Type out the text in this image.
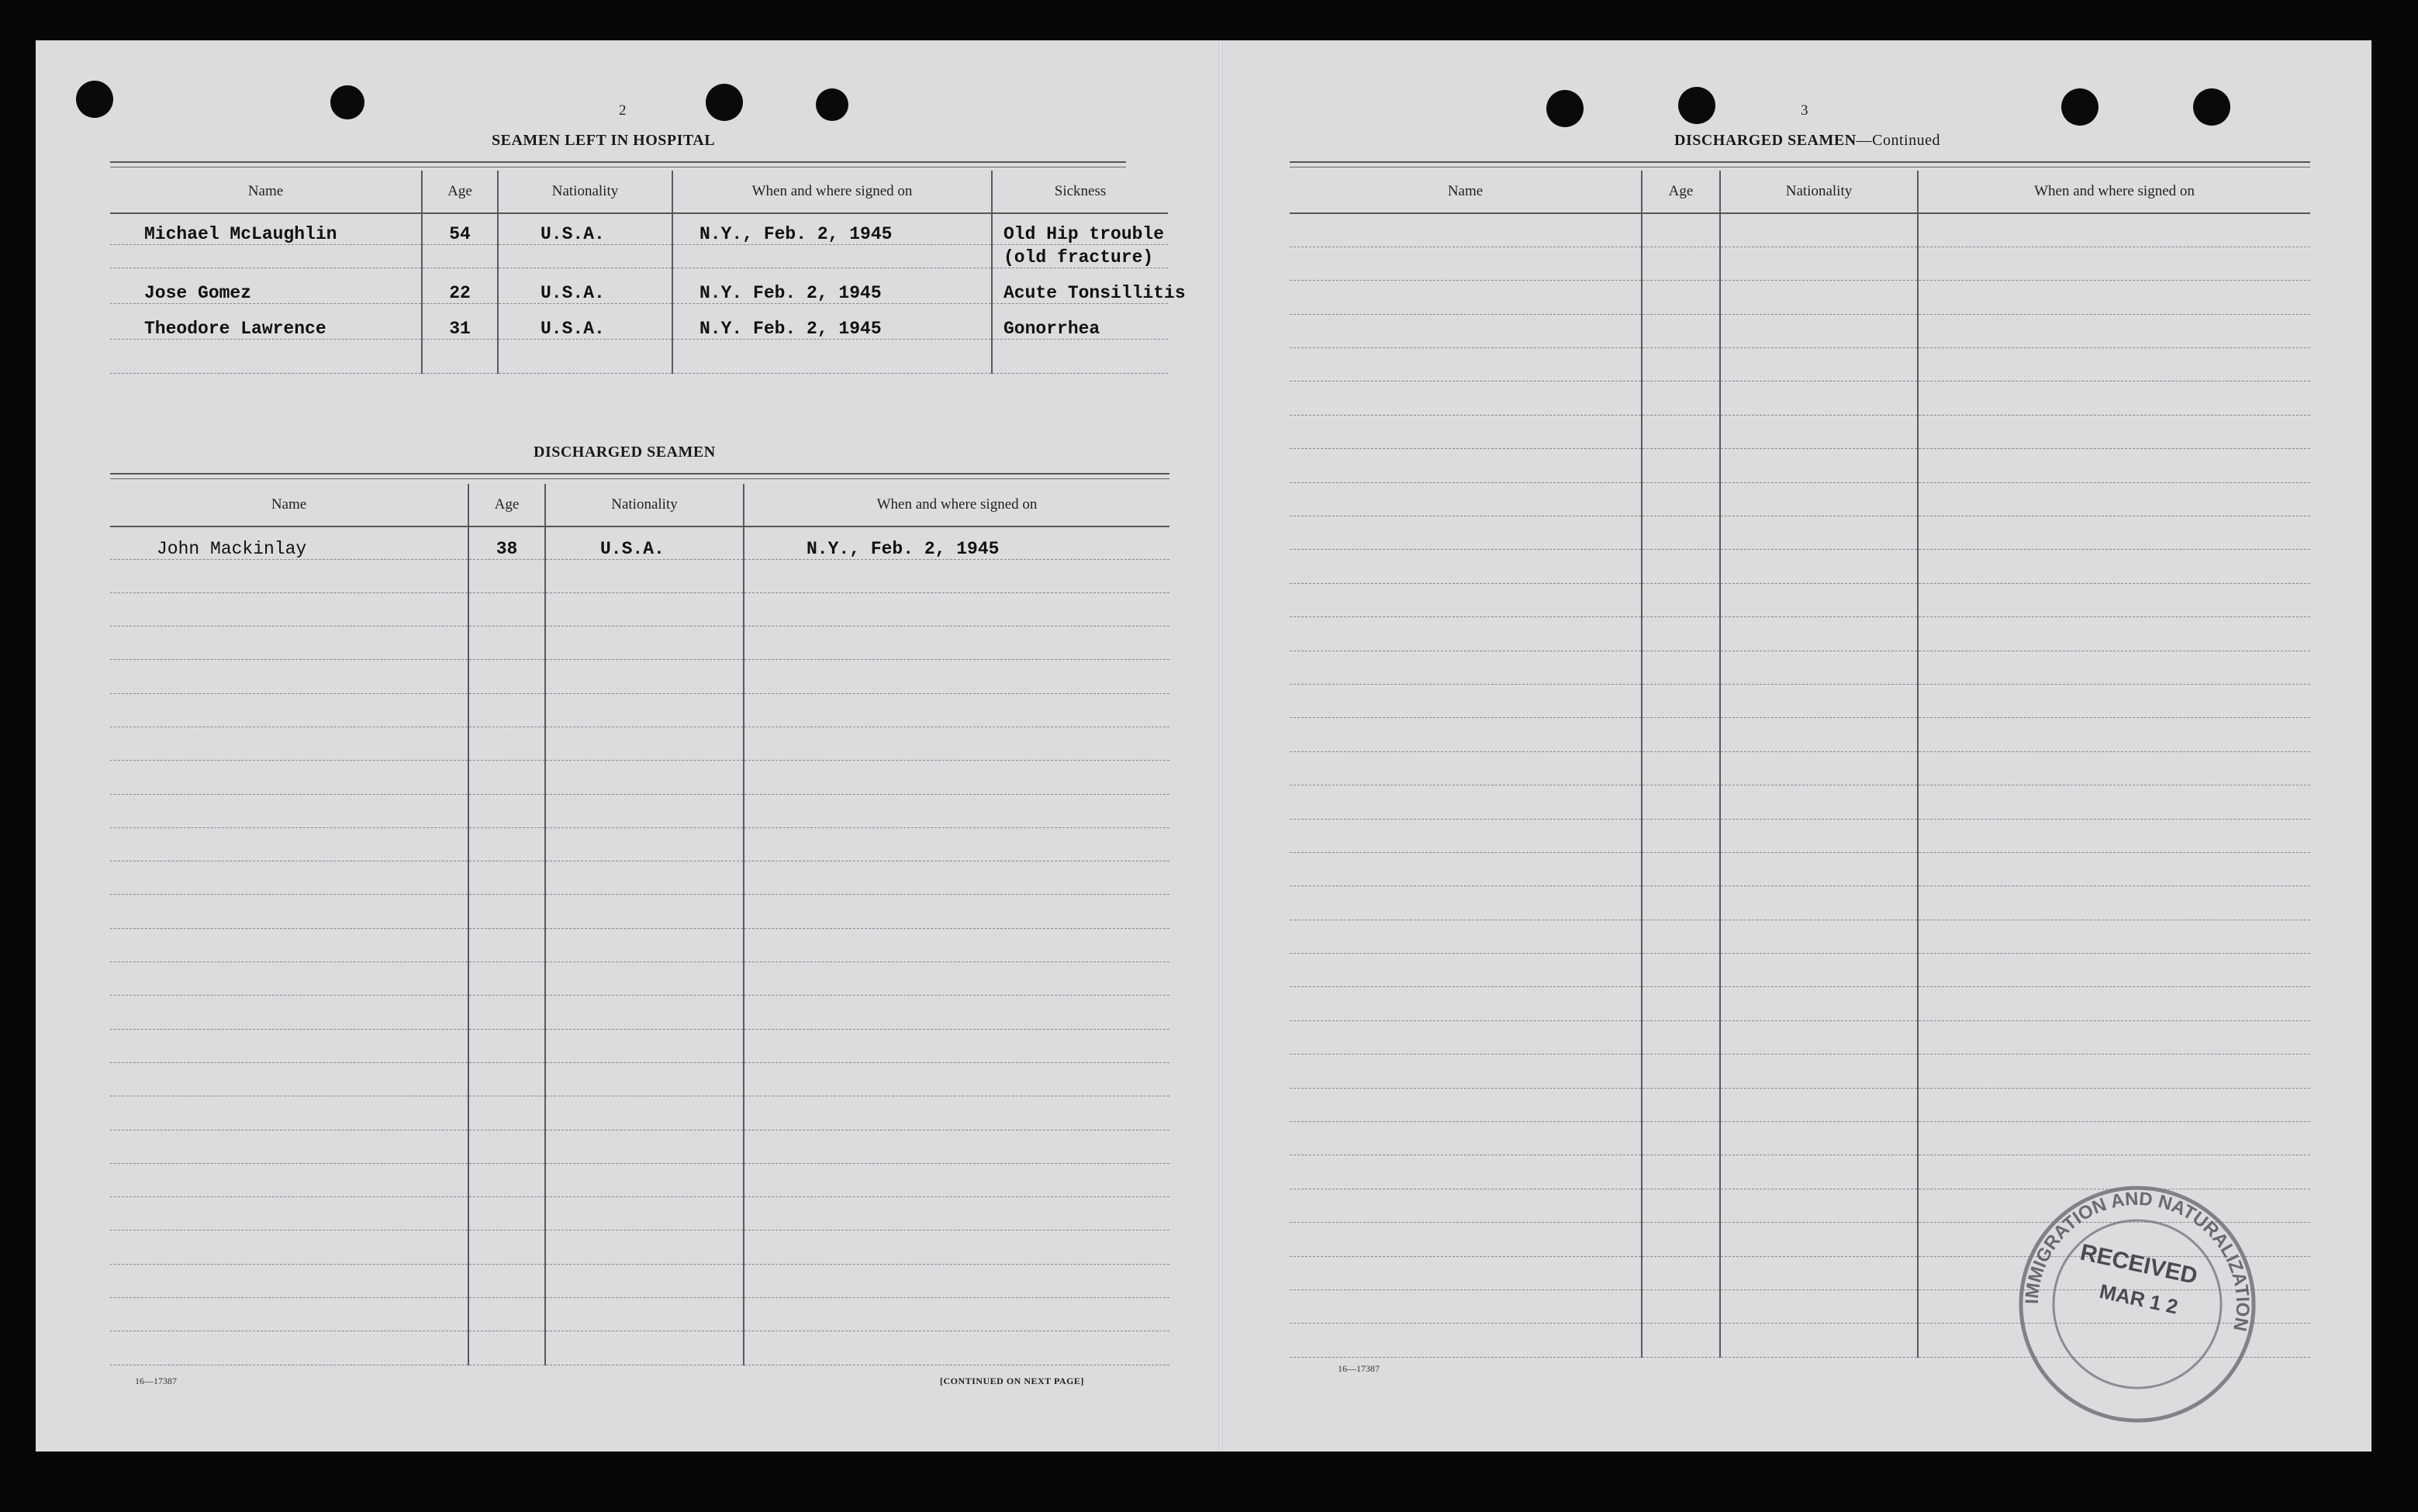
2
SEAMEN LEFT IN HOSPITAL
Name	Age	Nationality	When and where signed on	Sickness
Michael McLaughlin	54	U.S.A.	N.Y., Feb. 2, 1945	Old Hip trouble
				(old fracture)
Jose Gomez	22	U.S.A.	N.Y. Feb. 2, 1945	Acute Tonsillitis
Theodore Lawrence	31	U.S.A.	N.Y. Feb. 2, 1945	Gonorrhea

DISCHARGED SEAMEN
Name	Age	Nationality	When and where signed on
John Mackinlay	38	U.S.A.	N.Y., Feb. 2, 1945

16—17387	[CONTINUED ON NEXT PAGE]
3
DISCHARGED SEAMEN—Continued
Name	Age	Nationality	When and where signed on

16—17387
IMMIGRATION AND NATURALIZATION
RECEIVED
MAR 1 2
